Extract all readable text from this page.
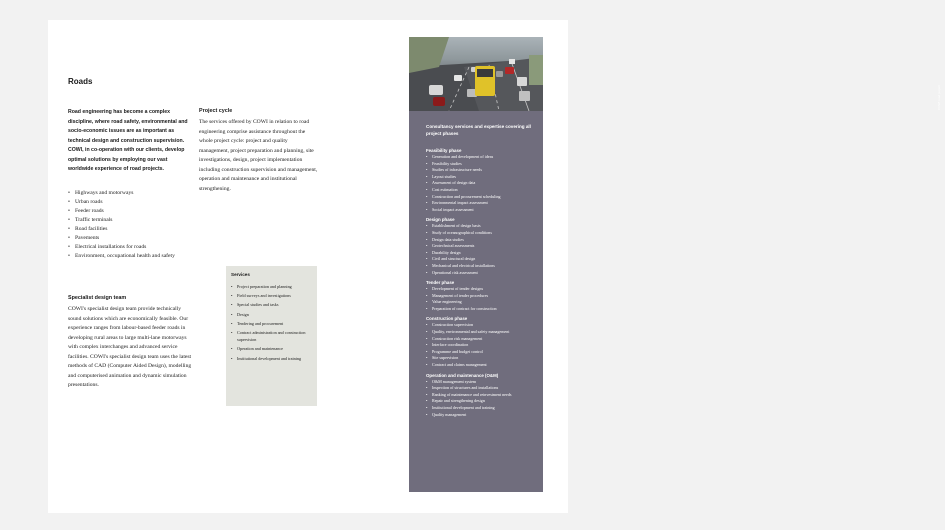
Roads
Road engineering has become a complex discipline, where road safety, environmental and socio-economic issues are as important as technical design and construction supervision. COWI, in co-operation with our clients, develop optimal solutions by employing our vast worldwide experience of road projects.
• Highways and motorways
• Urban roads
• Feeder roads
• Traffic terminals
• Road facilities
• Pavements
• Electrical installations for roads
• Environment, occupational health and safety
Specialist design team
COWI's specialist design team provide technically sound solutions which are economically feasible. Our experience ranges from labour-based feeder roads in developing rural areas to large multi-lane motorways with complex interchanges and advanced service facilities. COWI's specialist design team uses the latest methods of CAD (Computer Aided Design), modelling and computerised animation and dynamic simulation presentations.
Project cycle
The services offered by COWI in relation to road engineering comprise assistance throughout the whole project cycle: project and quality management, project preparation and planning, site investigations, design, project implementation including construction supervision and management, operation and maintenance and institutional strengthening.
Services
• Project preparation and planning
• Field surveys and investigations
• Special studies and tasks
• Design
• Tendering and procurement
• Contract administration and construction supervision
• Operation and maintenance
• Institutional development and training
COWI road project
Consultancy services and expertise covering all project phases
Feasibility phase
• Generation and development of ideas
• Feasibility studies
• Studies of infrastructure needs
• Layout studies
• Assessment of design data
• Cost estimation
• Construction and procurement scheduling
• Environmental impact assessment
• Social impact assessment
Design phase
• Establishment of design basis
• Study of oceanographical conditions
• Design data studies
• Geotechnical assessments
• Durability design
• Civil and structural design
• Mechanical and electrical installations
• Operational risk assessment
Tender phase
• Development of tender designs
• Management of tender procedures
• Value engineering
• Preparation of contract for construction
Construction phase
• Construction supervision
• Quality, environmental and safety management
• Construction risk management
• Interface coordination
• Programme and budget control
• Site supervision
• Contract and claims management
Operation and maintenance (O&M)
• O&M management system
• Inspection of structures and installations
• Ranking of maintenance and reinvestment needs
• Repair and strengthening design
• Institutional development and training
• Quality management
